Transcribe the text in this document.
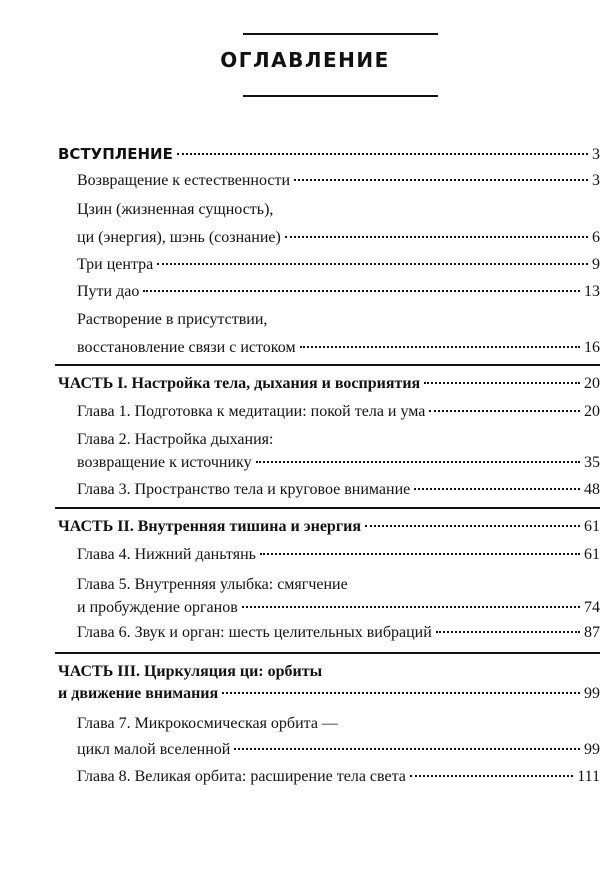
ОГЛАВЛЕНИЕ
ВСТУПЛЕНИЕ	3
Возвращение к естественности	3
Цзин (жизненная сущность),
ци (энергия), шэнь (сознание)	6
Три центра	9
Пути дао	13
Растворение в присутствии,
восстановление связи с истоком	16
ЧАСТЬ I. Настройка тела, дыхания и восприятия	20
Глава 1. Подготовка к медитации: покой тела и ума	20
Глава 2. Настройка дыхания:
возвращение к источнику	35
Глава 3. Пространство тела и круговое внимание	48
ЧАСТЬ II. Внутренняя тишина и энергия	61
Глава 4. Нижний даньтянь	61
Глава 5. Внутренняя улыбка: смягчение
и пробуждение органов	74
Глава 6. Звук и орган: шесть целительных вибраций	87
ЧАСТЬ III. Циркуляция ци: орбиты
и движение внимания	99
Глава 7. Микрокосмическая орбита —
цикл малой вселенной	99
Глава 8. Великая орбита: расширение тела света	111
